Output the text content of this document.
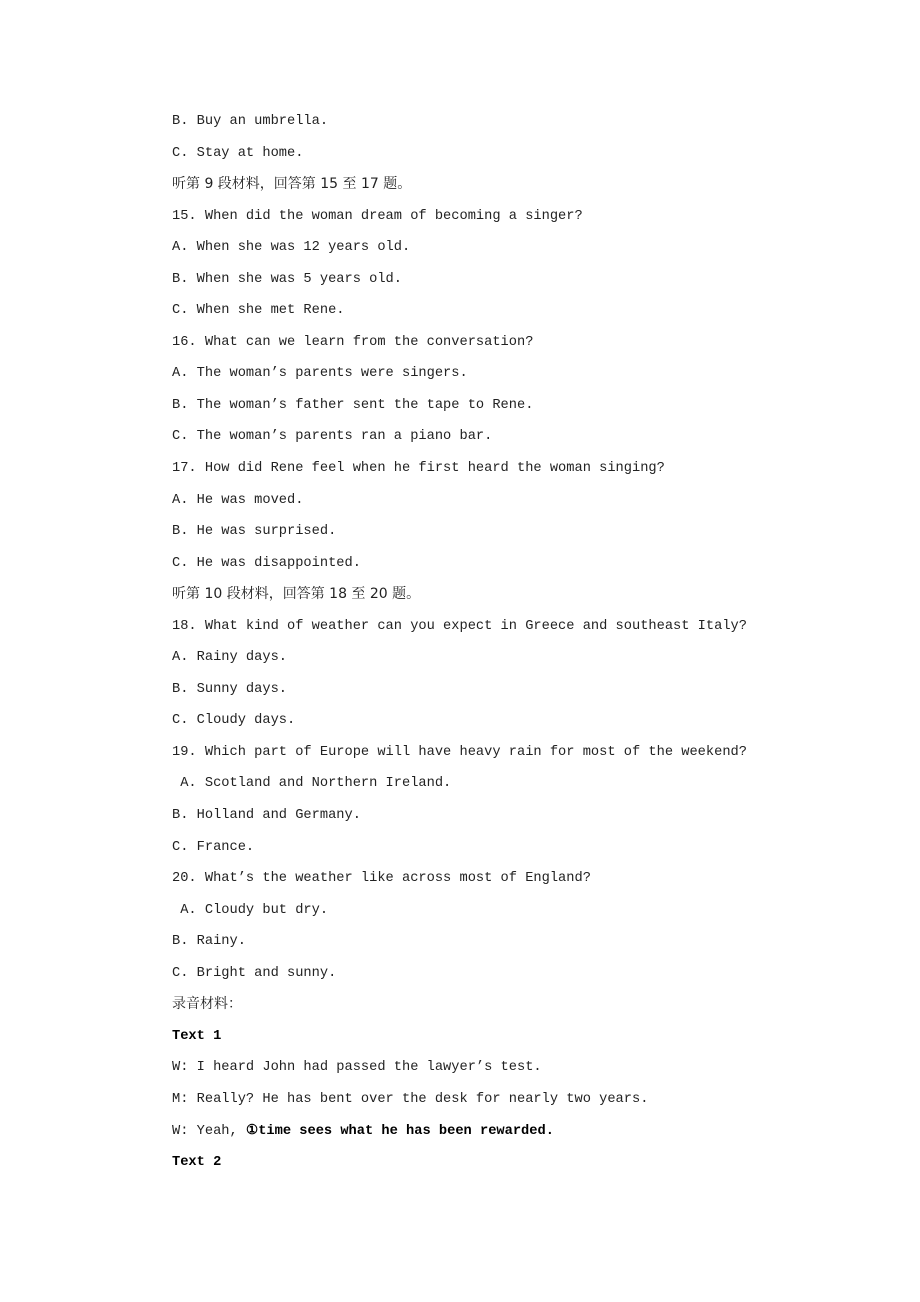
B. Buy an umbrella.
C. Stay at home.
听第 9 段材料，回答第 15 至 17 题。
15. When did the woman dream of becoming a singer?
A. When she was 12 years old.
B. When she was 5 years old.
C. When she met Rene.
16. What can we learn from the conversation?
A. The woman’s parents were singers.
B. The woman’s father sent the tape to Rene.
C. The woman’s parents ran a piano bar.
17. How did Rene feel when he first heard the woman singing?
A. He was moved.
B. He was surprised.
C. He was disappointed.
听第 10 段材料，回答第 18 至 20 题。
18. What kind of weather can you expect in Greece and southeast Italy?
A. Rainy days.
B. Sunny days.
C. Cloudy days.
19. Which part of Europe will have heavy rain for most of the weekend?
A. Scotland and Northern Ireland.
B. Holland and Germany.
C. France.
20. What’s the weather like across most of England?
A. Cloudy but dry.
B. Rainy.
C. Bright and sunny.
录音材料：
Text 1
W: I heard John had passed the lawyer’s test.
M: Really? He has bent over the desk for nearly two years.
W: Yeah, ①time sees what he has been rewarded.
Text 2
